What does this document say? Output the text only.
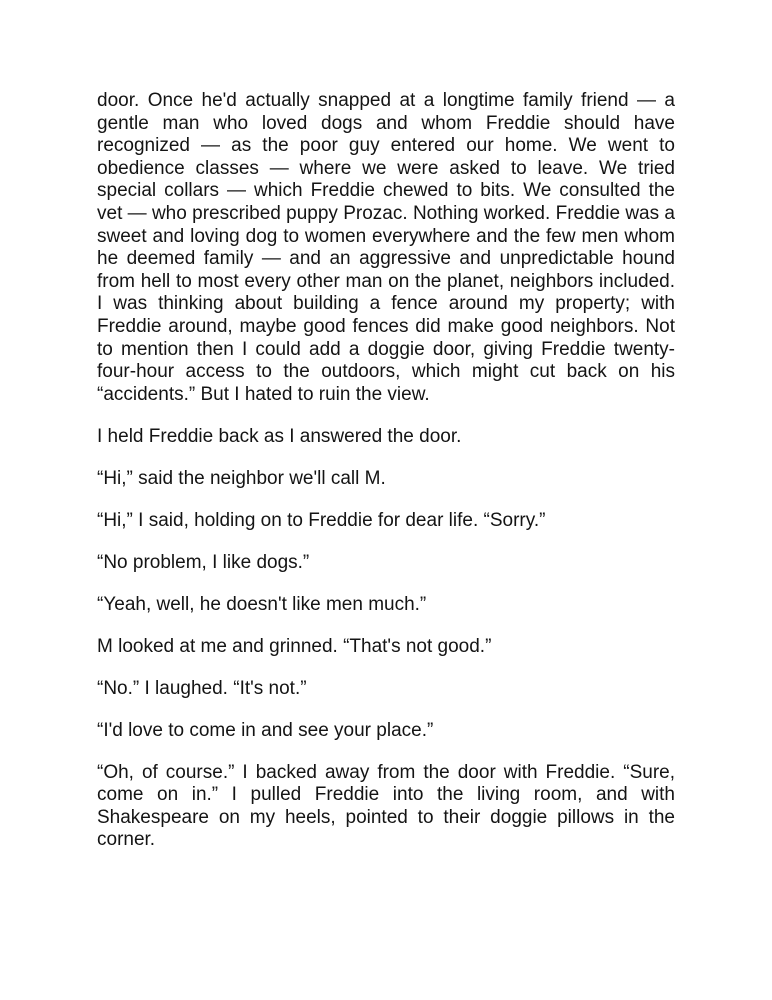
door. Once he'd actually snapped at a longtime family friend — a gentle man who loved dogs and whom Freddie should have recognized — as the poor guy entered our home. We went to obedience classes — where we were asked to leave. We tried special collars — which Freddie chewed to bits. We consulted the vet — who prescribed puppy Prozac. Nothing worked. Freddie was a sweet and loving dog to women everywhere and the few men whom he deemed family — and an aggressive and unpredictable hound from hell to most every other man on the planet, neighbors included. I was thinking about building a fence around my property; with Freddie around, maybe good fences did make good neighbors. Not to mention then I could add a doggie door, giving Freddie twenty-four-hour access to the outdoors, which might cut back on his “accidents.” But I hated to ruin the view.

I held Freddie back as I answered the door.

“Hi,” said the neighbor we'll call M.

“Hi,” I said, holding on to Freddie for dear life. “Sorry.”

“No problem, I like dogs.”

“Yeah, well, he doesn't like men much.”

M looked at me and grinned. “That's not good.”

“No.” I laughed. “It's not.”

“I'd love to come in and see your place.”

“Oh, of course.” I backed away from the door with Freddie. “Sure, come on in.” I pulled Freddie into the living room, and with Shakespeare on my heels, pointed to their doggie pillows in the corner.
